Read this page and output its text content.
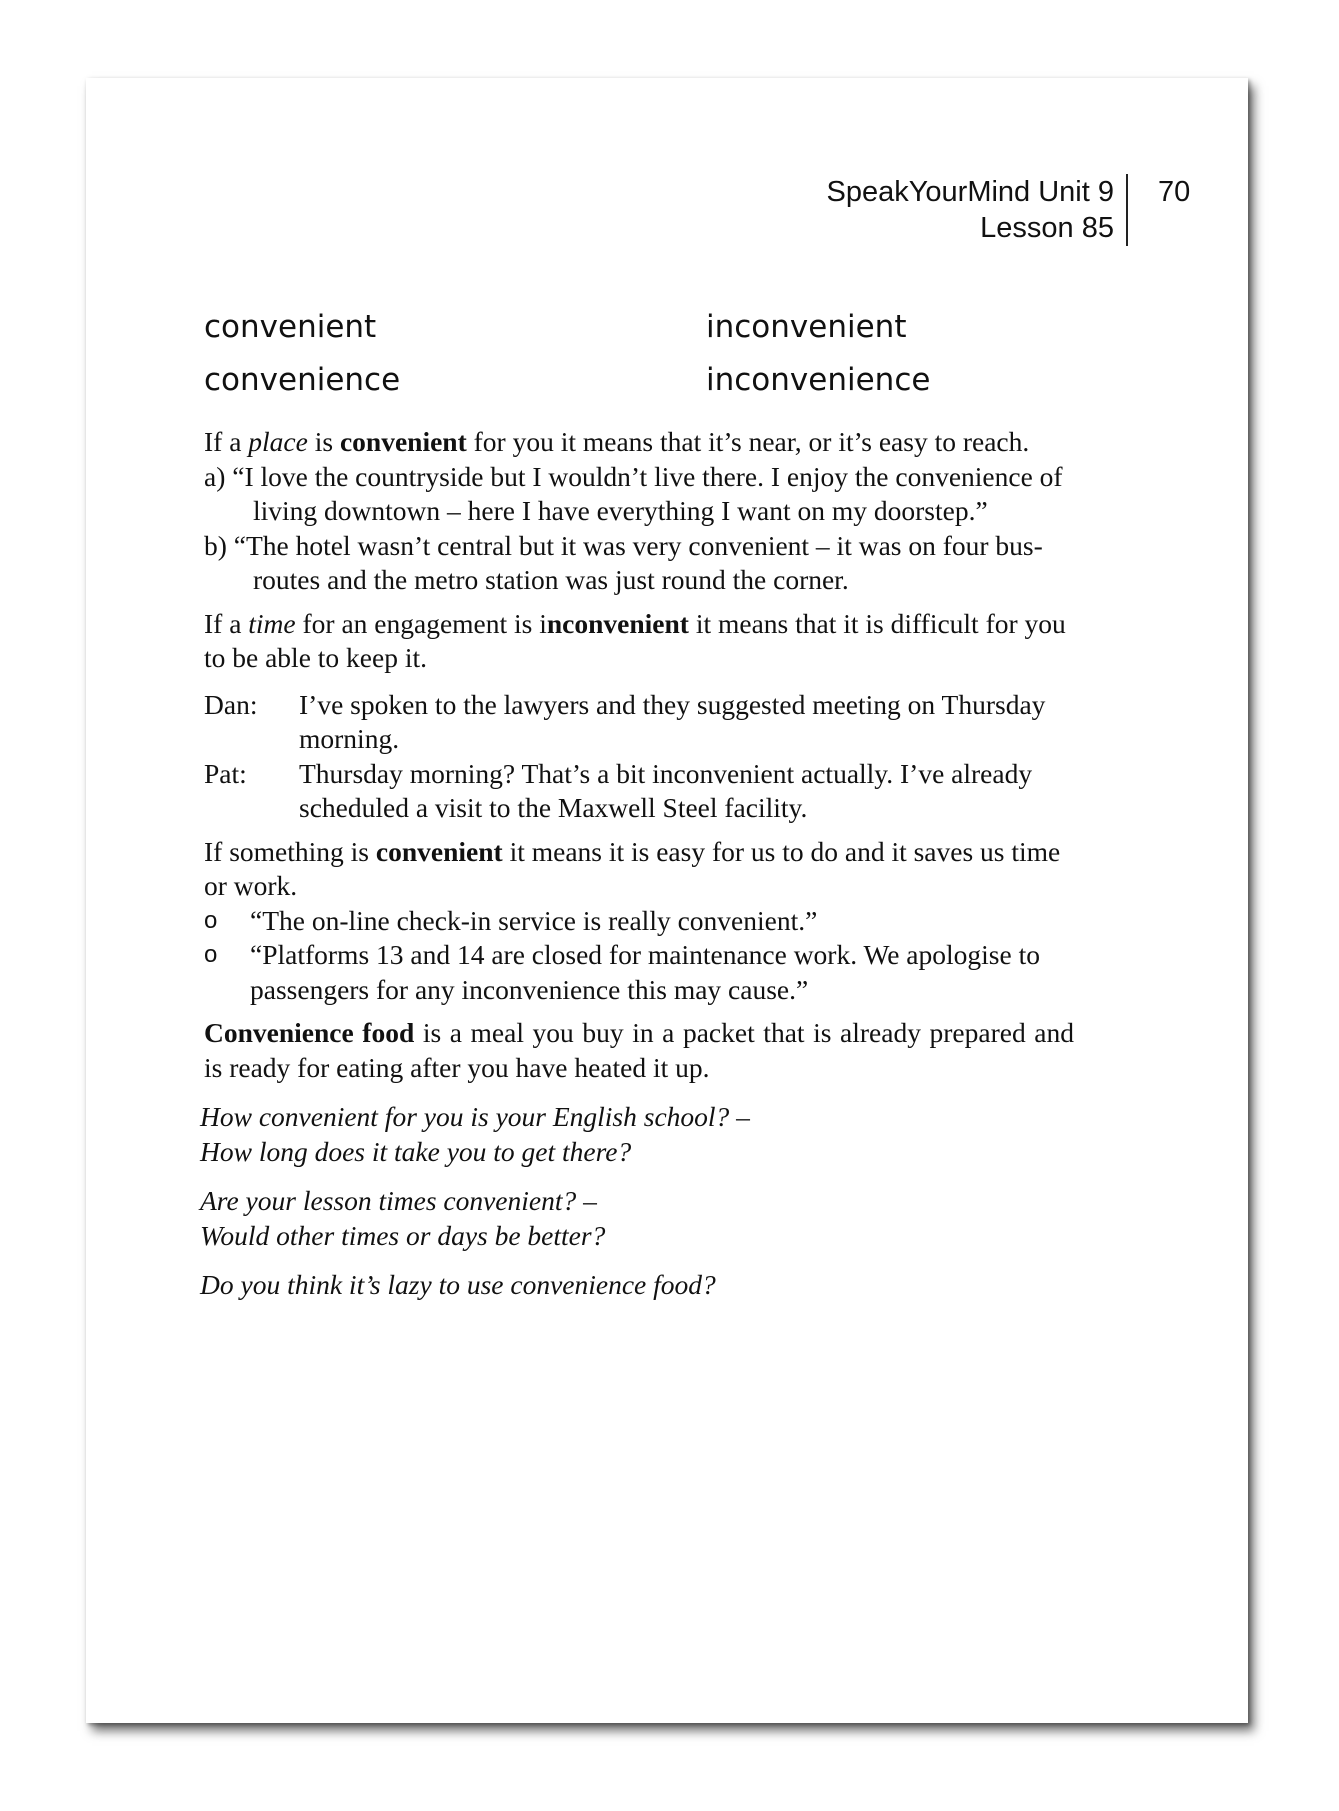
SpeakYourMind Unit 9
Lesson 85
70
convenient	inconvenient
convenience	inconvenience

If a place is convenient for you it means that it’s near, or it’s easy to reach.

a) “I love the countryside but I wouldn’t live there. I enjoy the convenience of living downtown – here I have everything I want on my doorstep.”

b) “The hotel wasn’t central but it was very convenient – it was on four bus-routes and the metro station was just round the corner.

If a time for an engagement is inconvenient it means that it is difficult for you to be able to keep it.

Dan:	I’ve spoken to the lawyers and they suggested meeting on Thursday morning.
Pat:	Thursday morning? That’s a bit inconvenient actually. I’ve already scheduled a visit to the Maxwell Steel facility.

If something is convenient it means it is easy for us to do and it saves us time or work.

o	“The on-line check-in service is really convenient.”
o	“Platforms 13 and 14 are closed for maintenance work. We apologise to passengers for any inconvenience this may cause.”

Convenience food is a meal you buy in a packet that is already prepared and is ready for eating after you have heated it up.

How convenient for you is your English school? –

How long does it take you to get there?

Are your lesson times convenient? –

Would other times or days be better?

Do you think it’s lazy to use convenience food?
